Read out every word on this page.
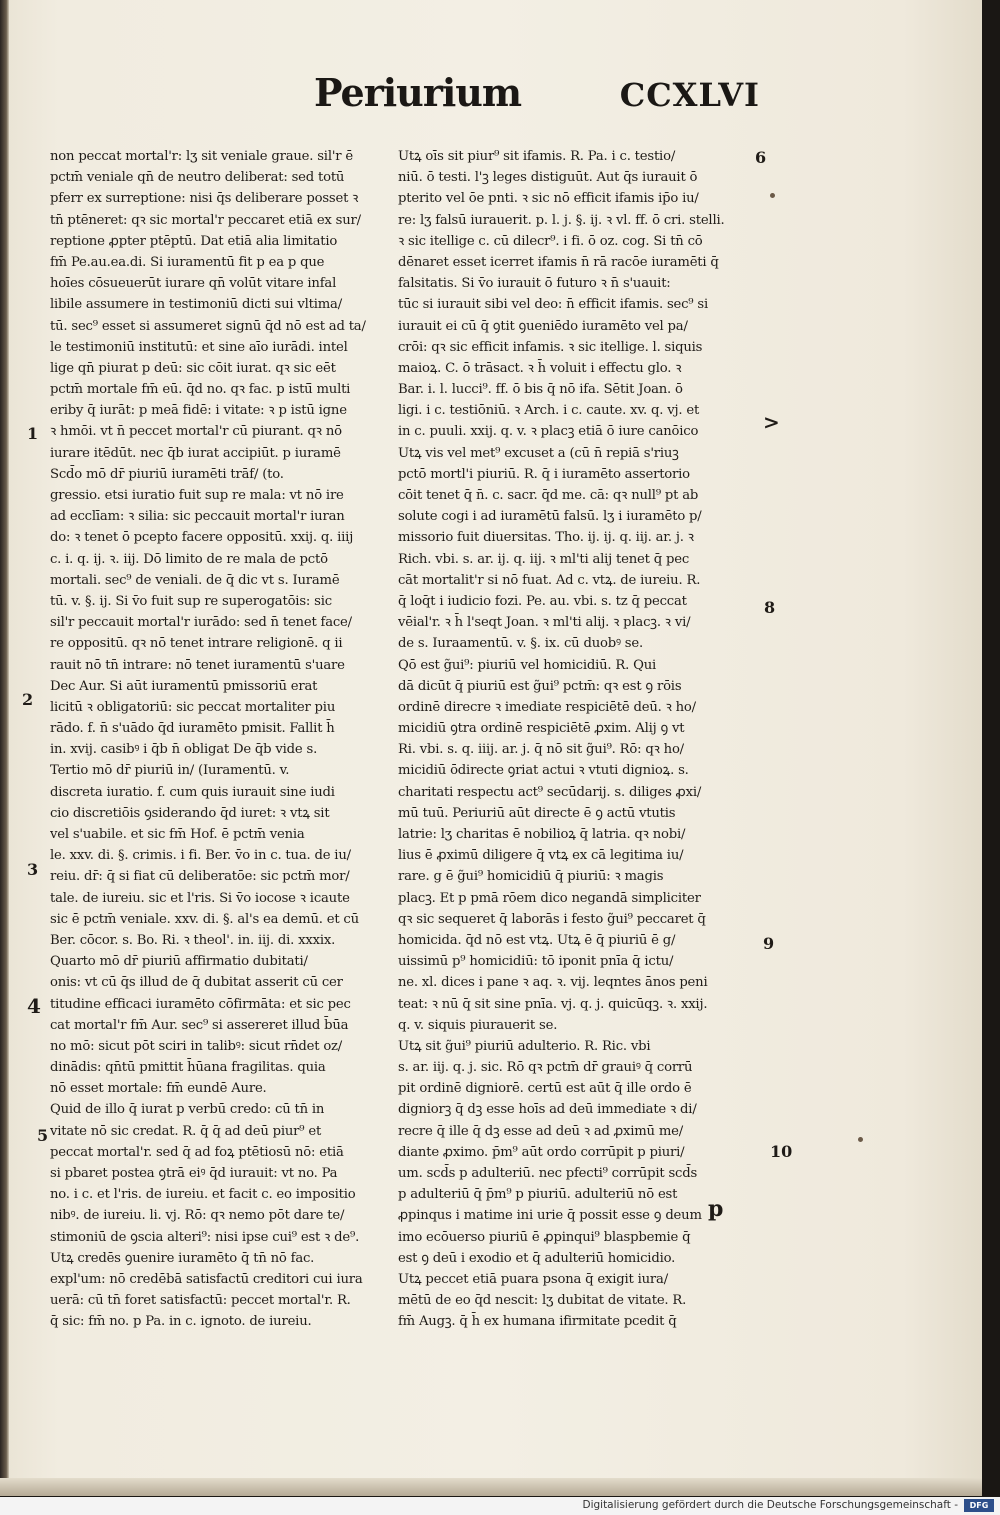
Periurium	CCXLVI
non peccat mortal'r: lʒ sit veniale graue. sil'r ē
pctm̄ veniale qn̄ de neutro deliberat: sed totū
pferr ex surreptione: nisi q̄s deliberare posset ꝛ
tn̄ ptēneret: qꝛ sic mortal'r peccaret etiā ex sur/
reptione ꝓpter ptēptū. Dat etiā alia limitatio
fm̄ Pe.au.ea.di. Si iuramentū fit p ea p que
hoīes cōsueuerūt iurare qn̄ volūt vitare infal
libile assumere in testimoniū dicti sui vltima/
tū. sec⁹ esset si assumeret signū q̄d nō est ad ta/
le testimoniū institutū: et sine aīo iurādi. intel
lige qn̄ piurat p deū: sic cōit iurat. qꝛ sic eēt
pctm̄ mortale fm̄ eū. q̄d no. qꝛ fac. p istū̄ multi
eriby q̄ iurāt: p meā fidē: i vitate: ꝛ p istū igne
ꝛ hmōi. vt n̄ peccet mortal'r cū piurant. qꝛ nō
iurare itēdūt. nec q̄b iurat accipiūt. p iuramē
Scd̄o mō dr̄ piuriū iuramēti trāf/ (to.
gressio. etsi iuratio fuit sup re mala: vt nō ire
ad ecclīam: ꝛ silia: sic peccauit mortal'r iuran
do: ꝛ tenet ō pcepto facere oppositū. xxij. q. iiij
c. i. q. ij. ꝛ. iij. Dō limito de re mala de pctō
mortali. sec⁹ de veniali. de q̄ dic vt s. Iuramē
tū. v. §. ij. Si v̄o fuit sup re superogatōis: sic
sil'r peccauit mortal'r iurādo: sed n̄ tenet face/
re oppositū. qꝛ nō tenet intrare religionē. q ii
rauit nō tn̄ intrare: nō tenet iuramentū s'uare
Dec Aur. Si aūt iuramentū pmissoriū erat
licitū ꝛ obligatoriū: sic peccat mortaliter piu
rādo. f. n̄ s'uādo q̄d iuramēto pmisit. Fallit h̄
in. xvij. casibꝰ i q̄b n̄ obligat De q̄b vide s.
Tertio mō dr̄ piuriū in/ (Iuramentū. v.
discreta iuratio. f. cum quis iurauit sine iudi
cio discretiōis ꝯsiderando q̄d iuret: ꝛ vtꝝ sit
vel s'uabile. et sic fm̄ Hof. ē pctm̄ venia
le. xxv. di. §. crimis. i fi. Ber. v̄o in c. tua. de iu/
reiu. dr̄: q̄ si fiat cū deliberatōe: sic pctm̄ mor/
tale. de iureiu. sic et l'ris. Si v̄o iocose ꝛ icaute
sic ē pctm̄ veniale. xxv. di. §. al's ea demū. et cū
Ber. cōcor. s. Bo. Ri. ꝛ theol'. in. iij. di. xxxix.
Quarto mō dr̄ piuriū affirmatio dubitati/
onis: vt cū q̄s illud de q̄ dubitat asserit cū cer
titudine efficaci iuramēto cōfirmāta: et sic pec
cat mortal'r fm̄ Aur. sec⁹ si assereret illud b̄ūa
no mō: sicut pōt sciri in talibꝰ: sicut rn̄det oz/
dinādis: qn̄tū pmittit h̄ūana fragilitas. quia
nō esset mortale: fm̄ eundē Aure.
Quid de illo q̄ iurat p verbū credo: cū tn̄ in
vitate nō sic credat. R. q̄ q̄ ad deū piur⁹ et
peccat mortal'r. sed q̄ ad foꝝ ptētiosū nō: etiā
si pbaret postea ꝯtrā eiꝰ q̄d iurauit: vt no. Pa
no. i c. et l'ris. de iureiu. et facit c. eo impositio
nibꝰ. de iureiu. li. vj. Rō: qꝛ nemo pōt dare te/
stimoniū de ꝯscia alteri⁹: nisi ipse cui⁹ est ꝛ de⁹.
Utꝝ credēs ꝯuenire iuramēto q̄ tn̄ nō fac.
expl'um: nō credēbā satisfactū creditori cui iura
uerā: cū tn̄ foret satisfactū: peccet mortal'r. R.
q̄ sic: fm̄ no. p Pa. in c. ignoto. de iureiu.
Utꝝ oīs sit piur⁹ sit ifamis. R. Pa. i c. testio/
niū. ō testi. l'ꝫ leges distiguūt. Aut q̄s iurauit ō
pterito vel ōe pnti. ꝛ sic nō efficit ifamis ip̄o iu/
re: lʒ falsū iurauerit. p. l. j. §. ij. ꝛ vl. ff. ō cri. stelli.
ꝛ sic itellige c. cū dilecr⁹. i fi. ō oz. cog. Si tn̄ cō
dēnaret esset icerret ifamis n̄ rā racōe iuramēti q̄
falsitatis. Si v̄o iurauit ō futuro ꝛ n̄ s'uauit:
tūc si iurauit sibi vel deo: n̄ efficit ifamis. sec⁹ si
iurauit ei cū q̄ ꝯtit ꝯueniēdo iuramēto vel pa/
crōi: qꝛ sic efficit infamis. ꝛ sic itellige. l. siquis
maioꝝ. C. ō trāsact. ꝛ h̄ voluit i effectu glo. ꝛ
Bar. i. l. lucci⁹. ff. ō bis q̄ nō ifa. Sētit Joan. ō
ligi. i c. testiōniū. ꝛ Arch. i c. caute. xv. q. vj. et
in c. puuli. xxij. q. v. ꝛ placꝫ etiā ō iure canōico
Utꝝ vis vel met⁹ excuset a (cū n̄ repiā s'riuꝫ
pctō mortl'i piuriū. R. q̄ i iuramēto assertorio
cōit tenet q̄ n̄. c. sacr. q̄d me. cā: qꝛ null⁹ pt ab
solute cogi i ad iuramētū falsū. lʒ i iuramēto p/
missorio fuit diuersitas. Tho. ij. ij. q. iij. ar. j. ꝛ
Rich. vbi. s. ar. ij. q. iij. ꝛ ml'ti alij tenet q̄ pec
cāt mortalit'r si nō fuat. Ad c. vtꝝ. de iureiu. R.
q̄ loq̄t i iudicio fozi. Pe. au. vbi. s. tz q̄ peccat
vēial'r. ꝛ h̄ l'seqt Joan. ꝛ ml'ti alij. ꝛ placꝫ. ꝛ vi/
de s. Iuraamentū. v. §. ix. cū duobꝰ se.
Qō est g̃ui⁹: piuriū vel homicidiū. R. Qui
dā dicūt q̄ piuriū est g̃ui⁹ pctm̄: qꝛ est ꝯ rōis
ordinē direcre ꝛ imediate respiciētē deū. ꝛ ho/
micidiū ꝯtra ordinē respiciētē ꝓxim. Alij ꝯ vt
Ri. vbi. s. q. iiij. ar. j. q̄ nō sit g̃ui⁹. Rō: qꝛ ho/
micidiū ōdirecte ꝯriat actui ꝛ vtuti dignioꝝ. s.
charitati respectu act⁹ secūdarij. s. diliges ꝓxi/
mū tuū. Periuriū aūt directe ē ꝯ actū vtutis
latrie: lʒ charitas ē nobilioꝝ q̄ latria. qꝛ nobi/
lius ē ꝓximū diligere q̄ vtꝝ ex cā legitima iu/
rare. g ē g̃ui⁹ homicidiū q̄ piuriū: ꝛ magis
placꝫ. Et p pmā rōem dico negandā simpliciter
qꝛ sic sequeret q̄ laborās i festo g̃ui⁹ peccaret q̄
homicida. q̄d nō est vtꝝ. Utꝝ ē q̄ piuriū ē g/
uissimū p⁹ homicidiū: tō iponit pnīa q̄ ictu/
ne. xl. dices i pane ꝛ aq. ꝛ. vij. leqntes ānos peni
teat: ꝛ nū q̄ sit sine pnīa. vj. q. j. quicūqꝫ. ꝛ. xxij.
q. v. siquis piurauerit se.
Utꝝ sit g̃ui⁹ piuriū adulterio. R. Ric. vbi
s. ar. iij. q. j. sic. Rō qꝛ pctm̄ dr̄ grauiꝰ q̄ corrū
pit ordinē digniorē. certū est aūt q̄ ille ordo ē
digniorꝫ q̄ dꝫ esse hoīs ad deū immediate ꝛ di/
recre q̄ ille q̄ dꝫ esse ad deū ꝛ ad ꝓximū me/
diante ꝓximo. p̄m⁹ aūt ordo corrūpit p piuri/
um. scd̄s p adulteriū. nec pfecti⁹ corrūpit scd̄s
p adulteriū q̄ p̄m⁹ p piuriū. adulteriū nō est
ꝓpinqus i matime ini urie q̄ possit esse ꝯ deum
imo ecōuerso piuriū ē ꝓpinqui⁹ blaspbemie q̄
est ꝯ deū i exodio et q̄ adulteriū homicidio.
Utꝝ peccet etiā puara psona q̄ exigit iura/
mētū de eo q̄d nescit: lʒ dubitat de vitate. R.
fm̄ Augꝫ. q̄ h̄ ex humana ifirmitate pcedit q̄
1
2
3
4
5
6
>
8
9
10
p
Digitalisierung gefördert durch die Deutsche Forschungsgemeinschaft -	DFG
